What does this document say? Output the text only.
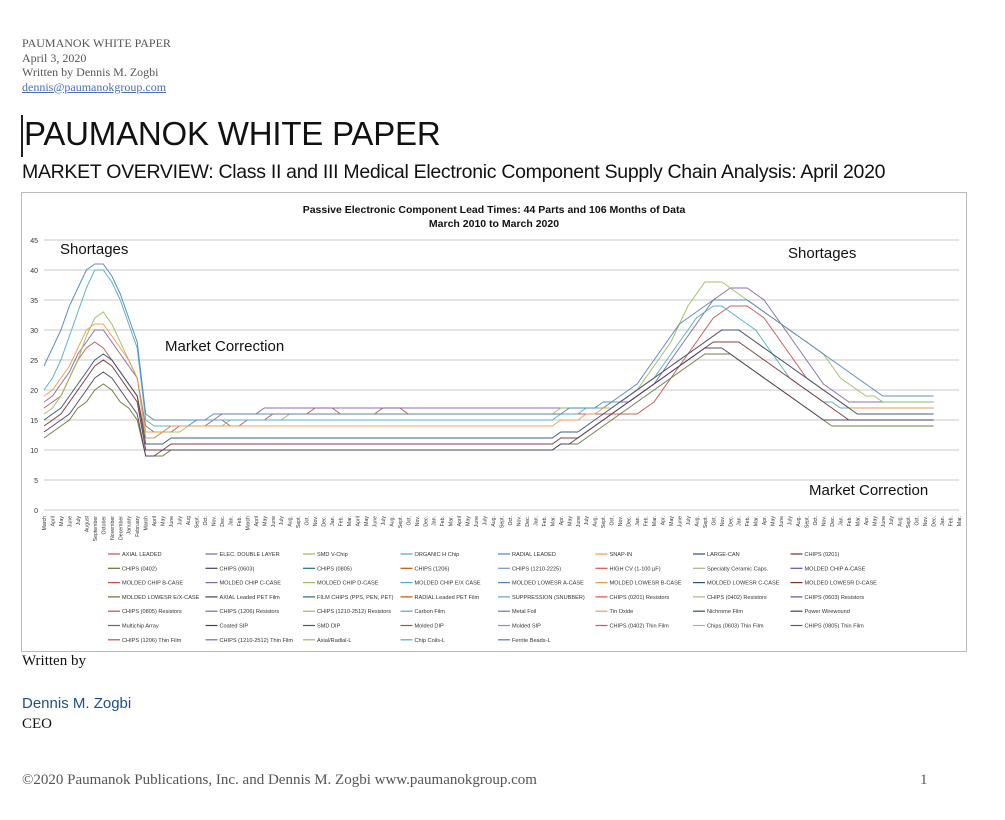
PAUMANOK WHITE PAPER
April 3, 2020
Written by Dennis M. Zogbi
dennis@paumanokgroup.com
PAUMANOK WHITE PAPER
MARKET OVERVIEW: Class II and III Medical Electronic Component Supply Chain Analysis: April 2020
Passive Electronic Component Lead Times: 44 Parts and 106 Months of Data
March 2010 to March 2020
0
5
10
15
20
25
30
35
40
45
March April May June July August September October November December January February March April May June July Aug Sept. Oct. Nov. Dec. Jan. Feb. March April May June July Aug. Sept. Oct. Nov. Dec. Jan. Feb. Mar. April May June July Aug. Sept. Oct. Nov. Dec. Jan. Feb. Mar. April May June July Aug. Sept. Oct. Nov. Dec. Jan. Feb. Mar. Apr. May June July Aug. Sept. Oct. Nov. Dec. Jan. Feb. Mar. Apr. May June July Aug. Sept. Oct. Nov. Dec. Jan. Feb. Mar. Apr. May June July Aug. Sept. Oct. Nov. Dec. Jan. Feb. Mar. Apr. May June July Aug. Sept. Oct. Nov. Dec. Jan. Feb. Mar.
Shortages
Market Correction
Shortages
Market Correction
AXIAL LEADED	ELEC. DOUBLE LAYER	SMD V-Chip	ORGANIC H Chip	RADIAL LEADED	SNAP-IN	LARGE-CAN	CHIPS (0201)
CHIPS (0402)	CHIPS (0603)	CHIPS (0805)	CHIPS (1206)	CHIPS (1210-2225)	HIGH CV (1-100 µF)	Specialty Ceramic Caps.	MOLDED CHIP A-CASE
MOLDED CHIP B-CASE	MOLDED CHIP C-CASE	MOLDED CHIP D-CASE	MOLDED CHIP E/X CASE	MOLDED LOWESR A-CASE	MOLDED LOWESR B-CASE	MOLDED LOWESR C-CASE	MOLDED LOWESR D-CASE
MOLDED LOWESR E/X-CASE	AXIAL Leaded PET Film	FILM CHIPS (PPS, PEN, PET)	RADIAL Leaded PET Film	SUPPRESSION (SNUBBER)	CHIPS (0201) Resistors	CHIPS (0402) Resistors	CHIPS (0603) Resistors
CHIPS (0805) Resistors	CHIPS (1206) Resistors	CHIPS (1210-2512) Resistors	Carbon Film	Metal Foil	Tin Oxide	Nichrome Film	Power Wirewound
Multichip Array	Coated SIP	SMD DIP	Molded DIP	Molded SIP	CHIPS (0402) Thin Film	Chips (0603) Thin Film	CHIPS (0805) Thin Film
CHIPS (1206) Thin Film	CHIPS (1210-2512) Thin Film	Axial/Radial-L	Chip Coils-L	Ferrite Beads-L
Written by
Dennis M. Zogbi
CEO
©2020 Paumanok Publications, Inc. and Dennis M. Zogbi www.paumanokgroup.com	1
